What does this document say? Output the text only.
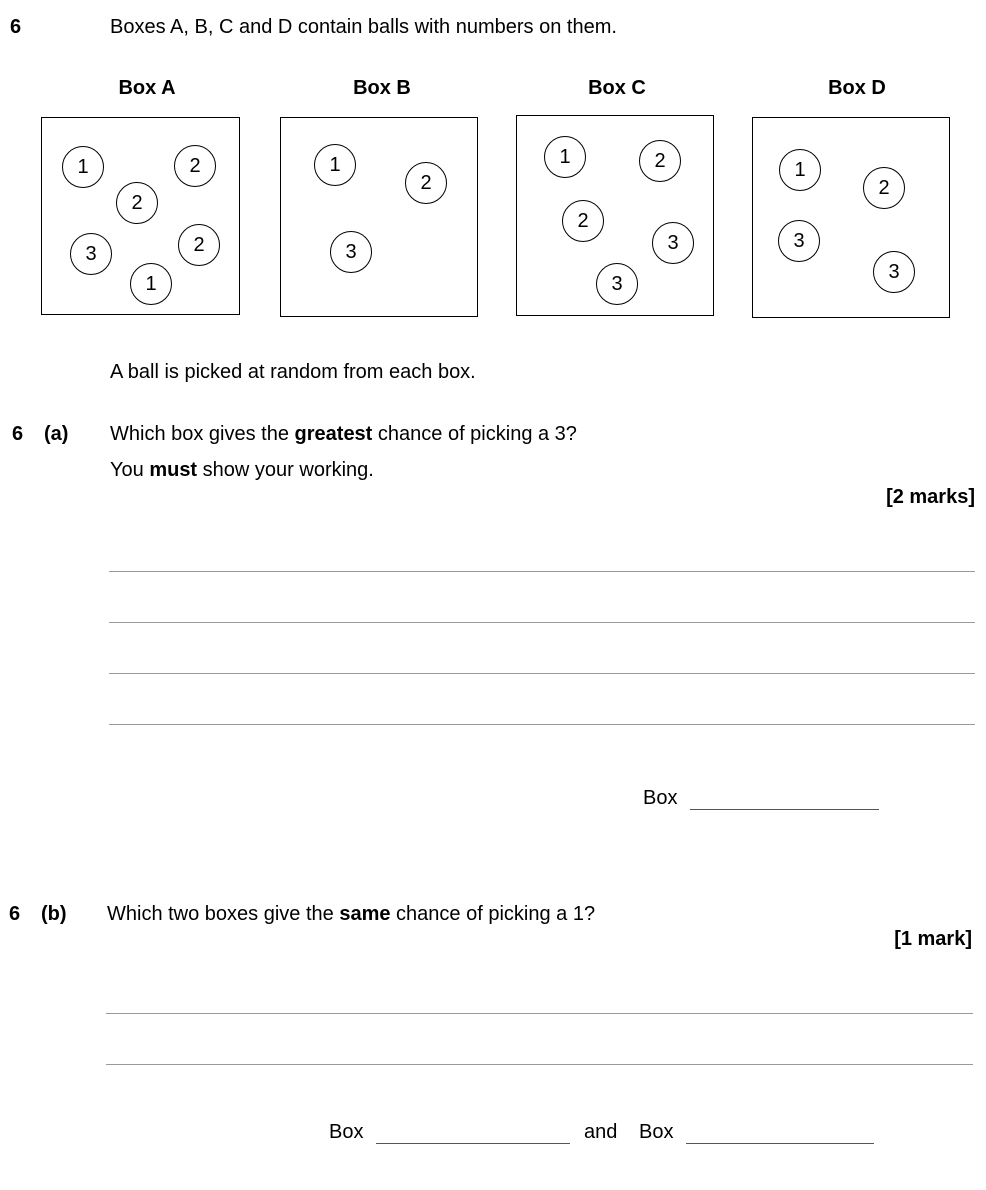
6	Boxes A, B, C and D contain balls with numbers on them.
Box A	Box B	Box C	Box D
1	2
2
3	2
1
1
2
3
1	2
2
3
3
1
2
3
3
A ball is picked at random from each box.
6 (a) Which box gives the greatest chance of picking a 3?
You must show your working.
[2 marks]
Box
6 (b) Which two boxes give the same chance of picking a 1?
[1 mark]
Box	and Box
